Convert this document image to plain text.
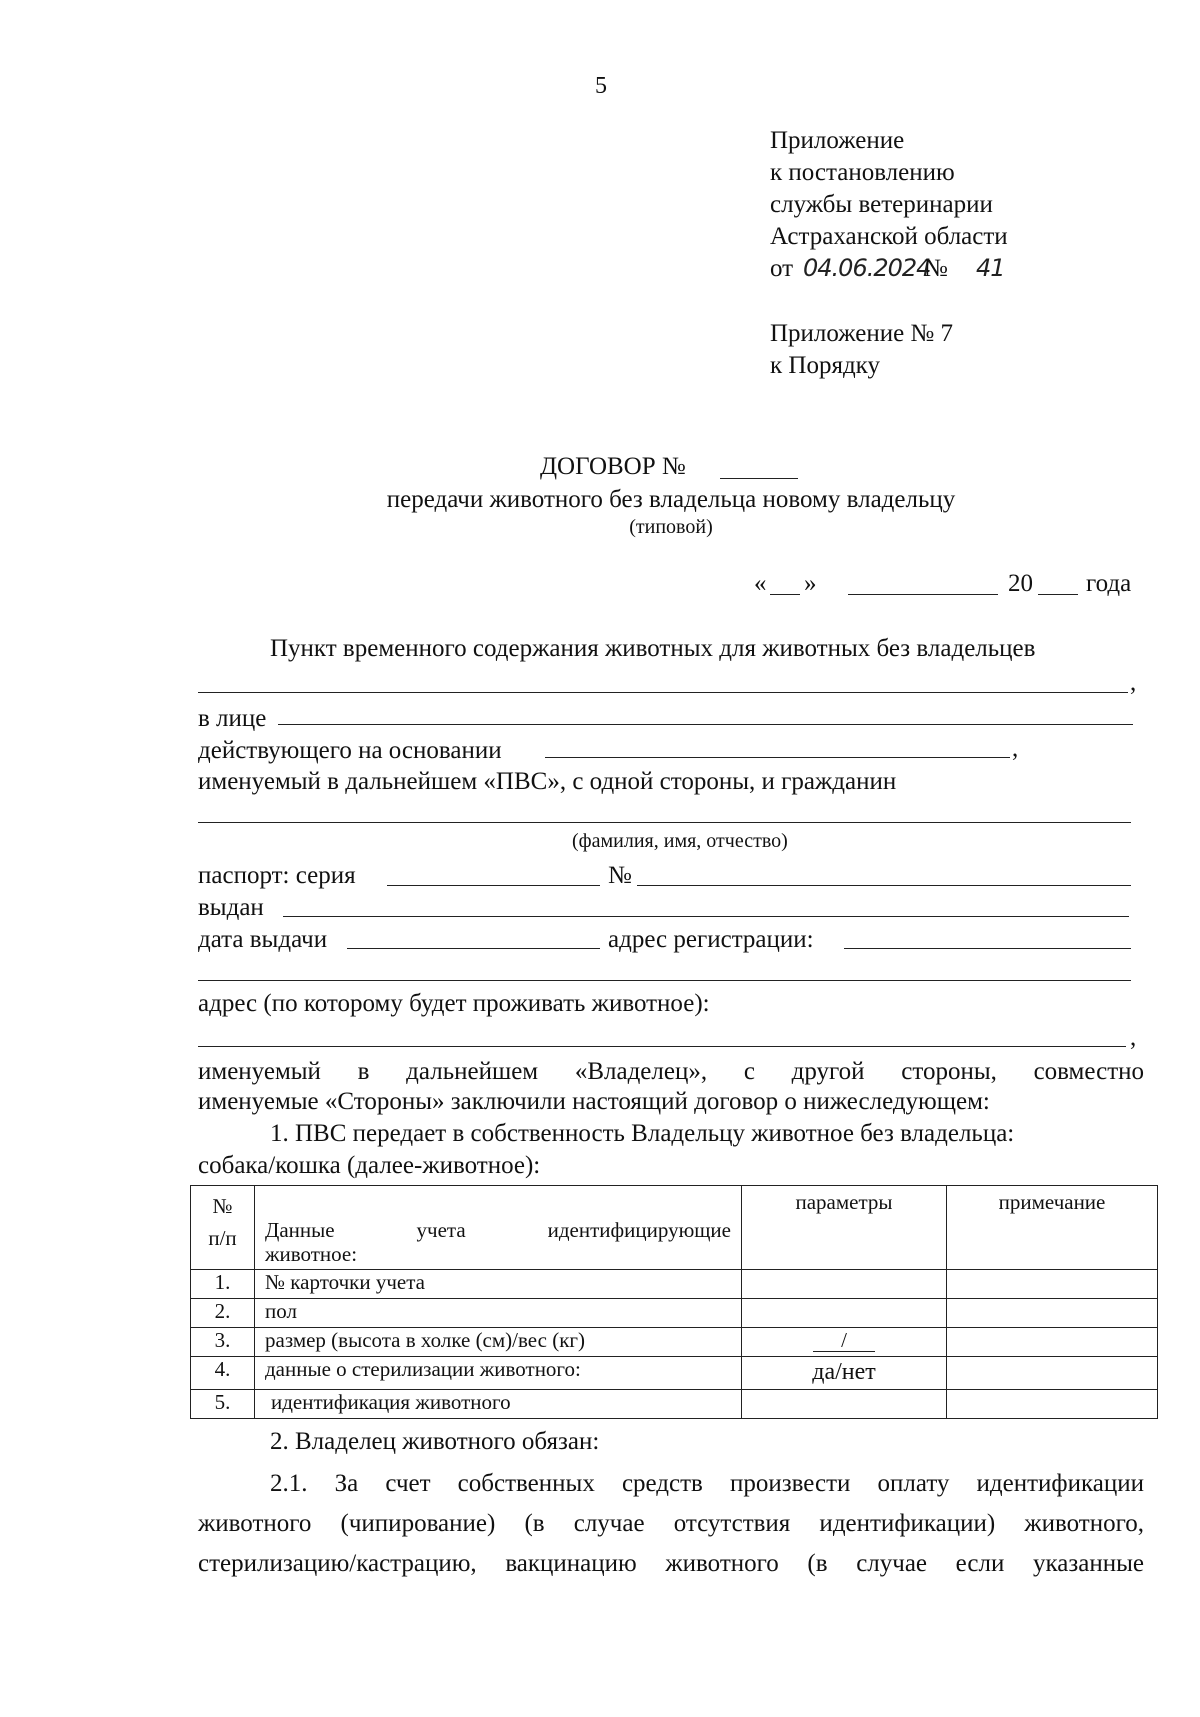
5
Приложение
к постановлению
службы ветеринарии
Астраханской области
от 04.06.2024
№ 41
Приложение № 7
к Порядку
ДОГОВОР №
передачи животного без владельца новому владельцу
(типовой)
« »	20 года
Пункт временного содержания животных для животных без владельцев
,
в лице
действующего на основании	,
именуемый в дальнейшем «ПВС», с одной стороны, и гражданин
(фамилия, имя, отчество)
паспорт: серия	№
выдан
дата выдачи	адрес регистрации:
адрес (по которому будет проживать животное):
,
именуемый в дальнейшем «Владелец», с другой стороны, совместно
именуемые «Стороны» заключили настоящий договор о нижеследующем:
1. ПВС передает в собственность Владельцу животное без владельца:
собака/кошка (далее-животное):
№
п/п	Данные учета идентифицирующие животное:	параметры	примечание
1.	№ карточки учета		
2.	пол		
3.	размер (высота в холке (см)/вес (кг)	/	
4.	данные о стерилизации животного:	да/нет	
5.	идентификация животного		
2. Владелец животного обязан:
2.1. За счет собственных средств произвести оплату идентификации
животного (чипирование) (в случае отсутствия идентификации) животного,
стерилизацию/кастрацию, вакцинацию животного (в случае если указанные
